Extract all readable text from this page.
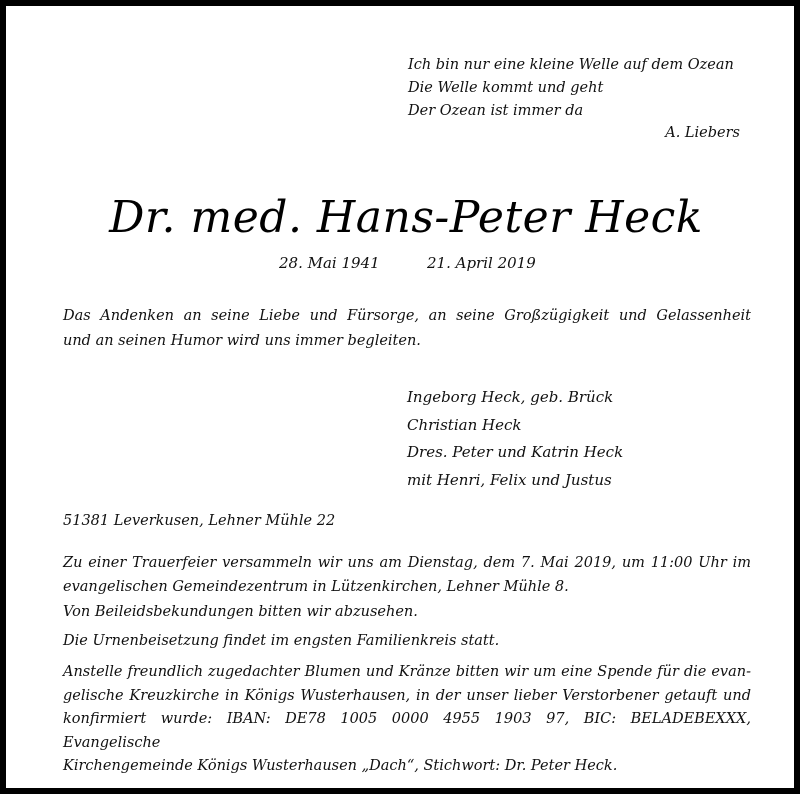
Ich bin nur eine kleine Welle auf dem Ozean
Die Welle kommt und geht
Der Ozean ist immer da
A. Liebers
Dr. med. Hans-Peter Heck
28. Mai 1941	21. April 2019
Das Andenken an seine Liebe und Fürsorge, an seine Großzügigkeit und Gelassenheit
und an seinen Humor wird uns immer begleiten.
Ingeborg Heck, geb. Brück
Christian Heck
Dres. Peter und Katrin Heck
mit Henri, Felix und Justus
51381 Leverkusen, Lehner Mühle 22
Zu einer Trauerfeier versammeln wir uns am Dienstag, dem 7. Mai 2019, um 11:00 Uhr im
evangelischen Gemeindezentrum in Lützenkirchen, Lehner Mühle 8.
Von Beileidsbekundungen bitten wir abzusehen.
Die Urnenbeisetzung findet im engsten Familienkreis statt.
Anstelle freundlich zugedachter Blumen und Kränze bitten wir um eine Spende für die evan-
gelische Kreuzkirche in Königs Wusterhausen, in der unser lieber Verstorbener getauft und
konfirmiert wurde: IBAN: DE78 1005 0000 4955 1903 97, BIC: BELADEBEXXX, Evangelische
Kirchengemeinde Königs Wusterhausen „Dach“, Stichwort: Dr. Peter Heck.
